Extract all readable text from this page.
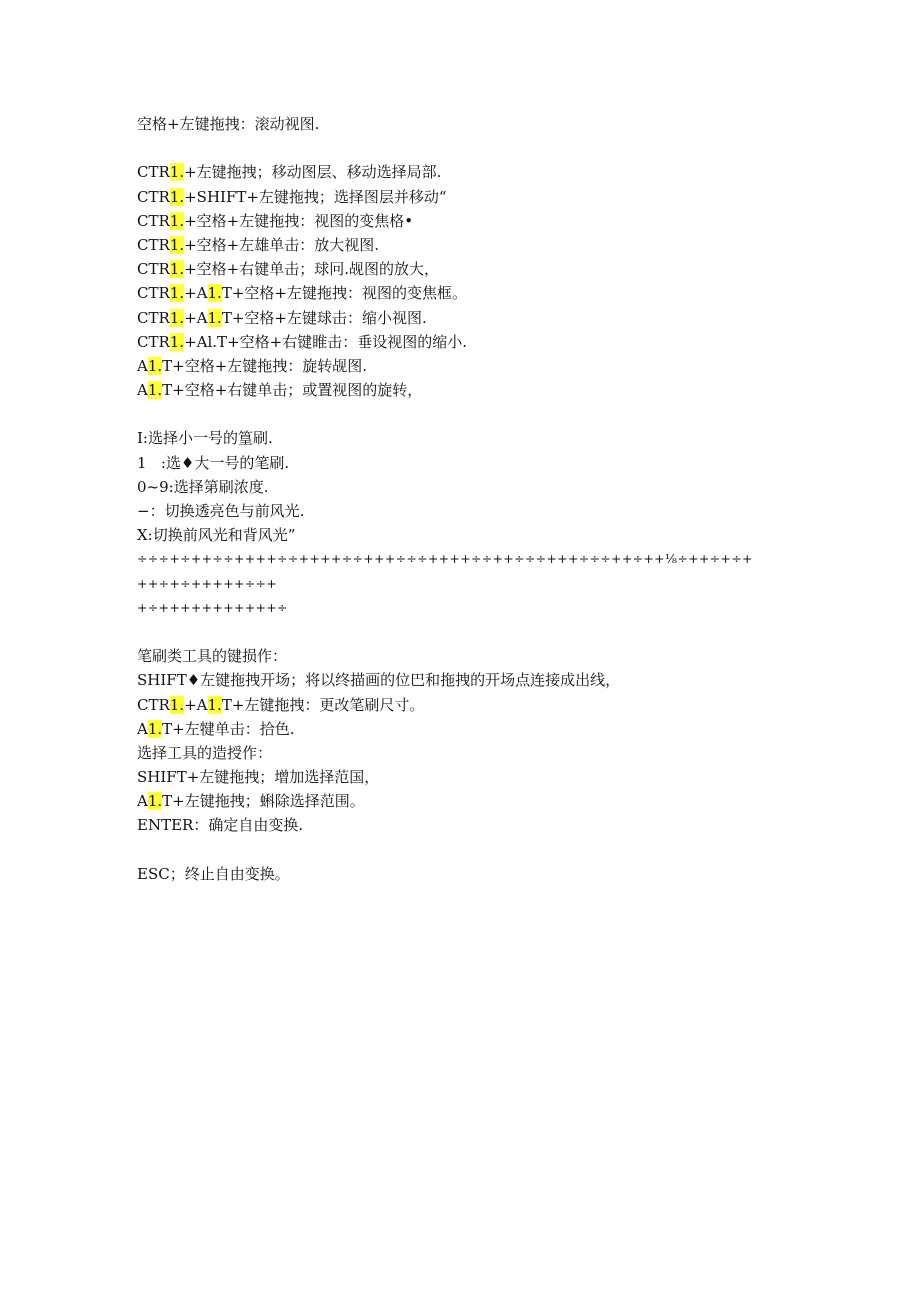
空格+左键拖拽：滚动视图.
CTR1.+左键拖拽；移动图层、移动选择局部.
CTR1.+SHIFT+左键拖拽；选择图层并移动“
CTR1.+空格+左键拖拽：视图的变焦格•
CTR1.+空格+左雄单击：放大视图.
CTR1.+空格+右键单击；球冋.觇图的放大，
CTR1.+A1.T+空格+左键拖拽：视图的变焦框。
CTR1.+A1.T+空格+左键球击：缩小视图.
CTR1.+Al.T+空格+右键睢击：垂设视图的缩小.
A1.T+空格+左键拖拽：旋转觇图.
A1.T+空格+右键单击；或置视图的旋转，
I:选择小一号的篁刷.
1   :选♦大一号的笔刷.
0~9:选择第刷浓度.
−：切换透亮色与前风光.
X:切换前风光和背风光”
÷÷÷+÷++÷÷++++÷÷++++÷÷+++÷÷÷++++÷÷++÷÷÷+++÷÷÷++÷++⅛÷++÷+÷+
++÷+÷+++++÷÷+
+÷+++++++++++÷
笔刷类工具的键损作：
SHIFT♦左键拖拽开场；将以终描画的位巴和拖拽的开场点连接成出线，
CTR1.+A1.T+左键拖拽：更改笔刷尺寸。
A1.T+左犍单击：拾色.
选择工具的造授作：
SHIFT+左键拖拽；增加选择范国，
A1.T+左键拖拽；蝌除选择范围。
ENTER：确定自由变换.
ESC；终止自由变换。
